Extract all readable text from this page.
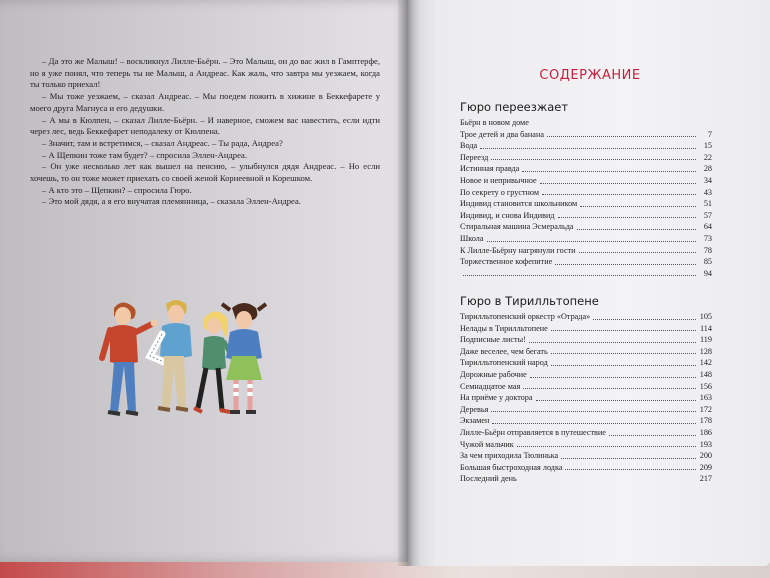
– Да это же Малыш! – воскликнул Лилле-Бьёрн. – Это Малыш, он до вас жил в Гамптерфе, но я уже понял, что теперь ты не Малыш, а Андреас. Как жаль, что завтра мы уезжаем, когда ты только приехал!

– Мы тоже уезжаем, – сказал Андреас. – Мы поедем пожить в хижине в Беккефарете у моего друга Магнуса и его дедушки.

– А мы в Кюлпен, – сказал Лилле-Бьёрн. – И наверное, сможем вас навестить, если идти через лес, ведь Беккефарет неподалеку от Кюлпена.

– Значит, там и встретимся, – сказал Андреас. – Ты рада, Андреа?

– А Щепкин тоже там будет? – спросила Эллен-Андреа.

– Он уже несколько лет как вышел на пенсию, – улыбнулся дядя Андреас. – Но если хочешь, то он тоже может приехать со своей женой Корнеевной и Корешком.

– А кто это – Щепкин? – спросила Гюро.

– Это мой дядя, а я его внучатая племянница, – сказала Эллен-Андреа.

СОДЕРЖАНИЕ
Гюро переезжает
Бьёрн в новом доме
Трое детей и два банана	7
Вода	15
Переезд	22
Истинная правда	28
Новое и непривычное	34
По секрету о грустном	43
Индивид становится школьником	51
Индивид, и снова Индивид	57
Стиральная машина Эсмеральда	64
Школа	73
К Лилле-Бьёрну нагрянули гости	78
Торжественное кофепитие	85
94
Гюро в Тирилльтопене
Тирилльтопенский оркестр «Отрада»	105
Нелады в Тирилльтопене	114
Подписные листы!	119
Даже веселее, чем бегать	128
Тирилльтопенский народ	142
Дорожные рабочие	148
Семнадцатое мая	156
На приёме у доктора	163
Деревья	172
Экзамен	178
Лилле-Бьёрн отправляется в путешествие	186
Чужой мальчик	193
За чем приходила Тюлинька	200
Большая быстроходная лодка	209
Последний день	217
